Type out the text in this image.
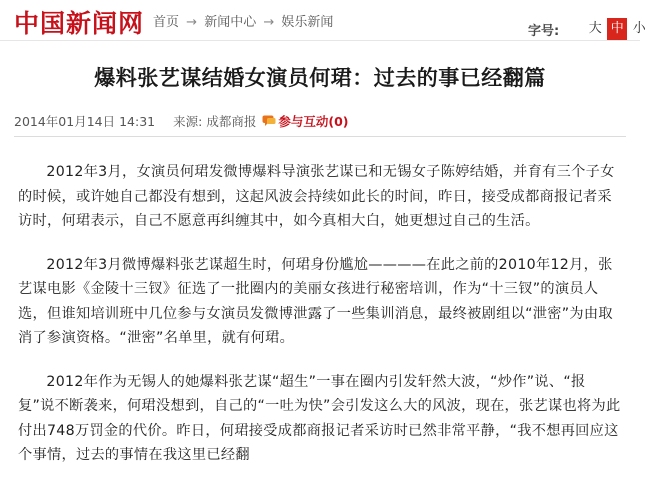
中国新闻网 首页 → 新闻中心 → 娱乐新闻
字号: 大 中 小
爆料张艺谋结婚女演员何珺：过去的事已经翻篇
2014年01月14日 14:31 来源: 成都商报 参与互动 (0)

2012年3月，女演员何珺发微博爆料导演张艺谋已和无锡女子陈婷结婚，并育有三个子女的时候，或许她自己都没有想到，这起风波会持续如此长的时间，昨日，接受成都商报记者采访时，何珺表示，自己不愿意再纠缠其中，如今真相大白，她更想过自己的生活。

2012年3月微博爆料张艺谋超生时，何珺身份尴尬————在此之前的2010年12月，张艺谋电影《金陵十三钗》征选了一批圈内的美丽女孩进行秘密培训，作为“十三钗”的演员人选，但谁知培训班中几位参与女演员发微博泄露了一些集训消息，最终被剧组以“泄密”为由取消了参演资格。“泄密”名单里，就有何珺。

2012年作为无锡人的她爆料张艺谋“超生”一事在圈内引发轩然大波，“炒作”说、“报复”说不断袭来，何珺没想到，自己的“一吐为快”会引发这么大的风波，现在，张艺谋也将为此付出748万罚金的代价。昨日，何珺接受成都商报记者采访时已然非常平静，“我不想再回应这个事情，过去的事情在我这里已经翻
